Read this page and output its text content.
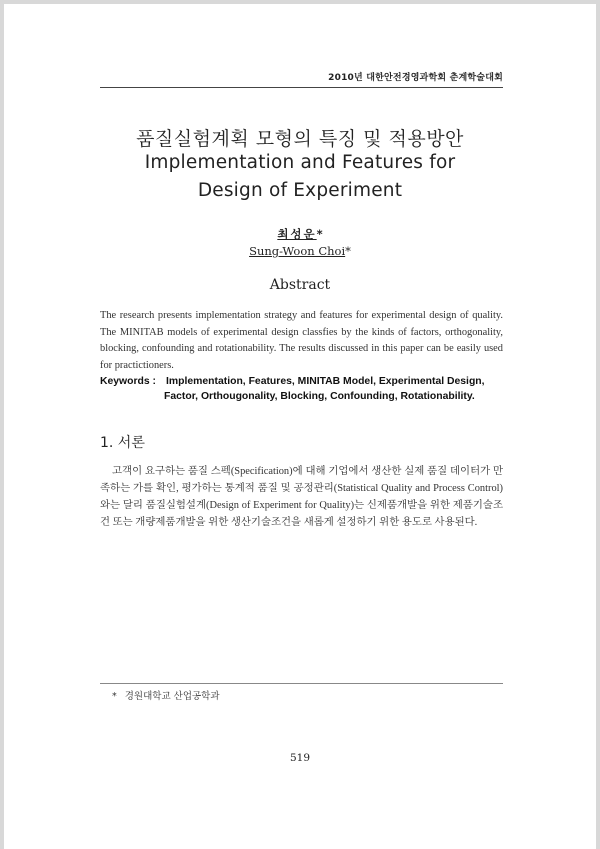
2010년 대한안전경영과학회 춘계학술대회
품질실험계획 모형의 특징 및 적용방안
Implementation and Features for
Design of Experiment
최성운*
Sung-Woon Choi*
Abstract
The research presents implementation strategy and features for experimental design of quality. The MINITAB models of experimental design classfies by the kinds of factors, orthogonality, blocking, confounding and rotationability. The results discussed in this paper can be easily used for practictioners.
Keywords : Implementation, Features, MINITAB Model, Experimental Design,
Factor, Orthougonality, Blocking, Confounding, Rotationability.
1. 서론
고객이 요구하는 품질 스펙(Specification)에 대해 기업에서 생산한 실제 품질 데이터가 만족하는 가를 확인, 평가하는 통계적 품질 및 공정관리(Statistical Quality and Process Control)와는 달리 품질실험설계(Design of Experiment for Quality)는 신제품개발을 위한 제품기술조건 또는 개량제품개발을 위한 생산기술조건을 새롭게 설정하기 위한 용도로 사용된다.
* 경원대학교 산업공학과
519
